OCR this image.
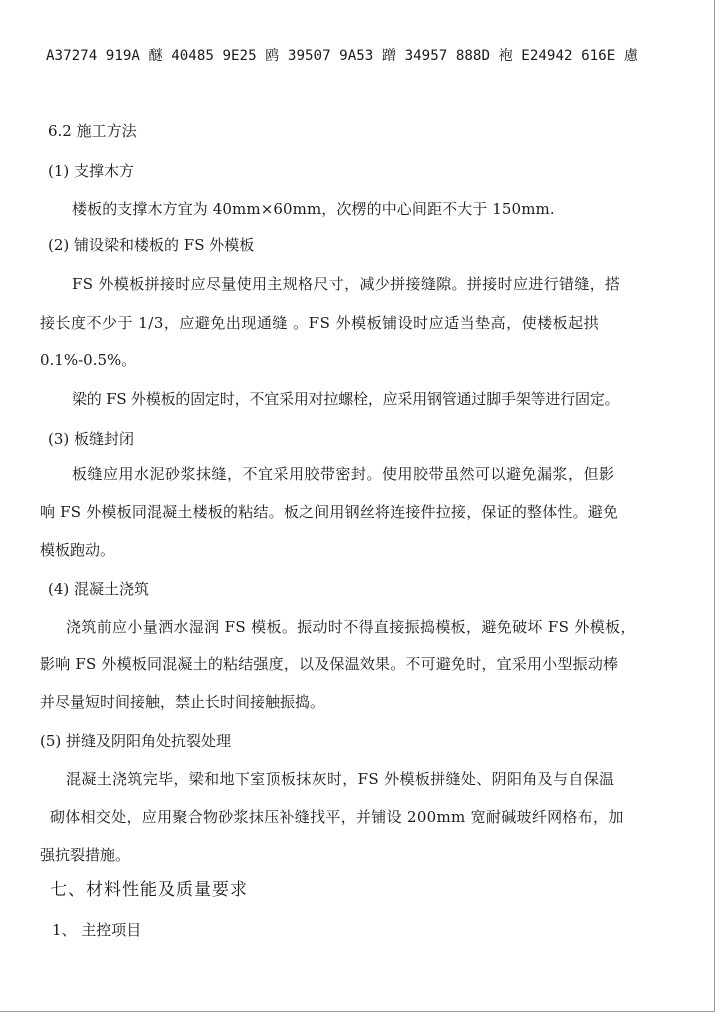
A37274 919A 醚 40485 9E25 鸥 39507 9A53 蹭 34957 888D 袍 E24942 616E 慮
6.2 施工方法
(1) 支撑木方
楼板的支撑木方宜为 40mm×60mm，次楞的中心间距不大于 150mm.
(2) 铺设梁和楼板的 FS 外模板
FS 外模板拼接时应尽量使用主规格尺寸，减少拼接缝隙。拼接时应进行错缝，搭
接长度不少于 1/3，应避免出现通缝 。FS 外模板铺设时应适当垫高，使楼板起拱
0.1%-0.5%。
梁的 FS 外模板的固定时，不宜采用对拉螺栓，应采用钢管通过脚手架等进行固定。
(3) 板缝封闭
板缝应用水泥砂浆抹缝，不宜采用胶带密封。使用胶带虽然可以避免漏浆，但影
响 FS 外模板同混凝土楼板的粘结。板之间用钢丝将连接件拉接，保证的整体性。避免
模板跑动。
(4) 混凝土浇筑
浇筑前应小量洒水湿润 FS 模板。振动时不得直接振捣模板，避免破坏 FS 外模板，
影响 FS 外模板同混凝土的粘结强度，以及保温效果。不可避免时，宜采用小型振动棒
并尽量短时间接触，禁止长时间接触振捣。
(5) 拼缝及阴阳角处抗裂处理
混凝土浇筑完毕，梁和地下室顶板抹灰时，FS 外模板拼缝处、阴阳角及与自保温
砌体相交处，应用聚合物砂浆抹压补缝找平，并铺设 200mm 宽耐碱玻纤网格布，加
强抗裂措施。
七、材料性能及质量要求
1、 主控项目
